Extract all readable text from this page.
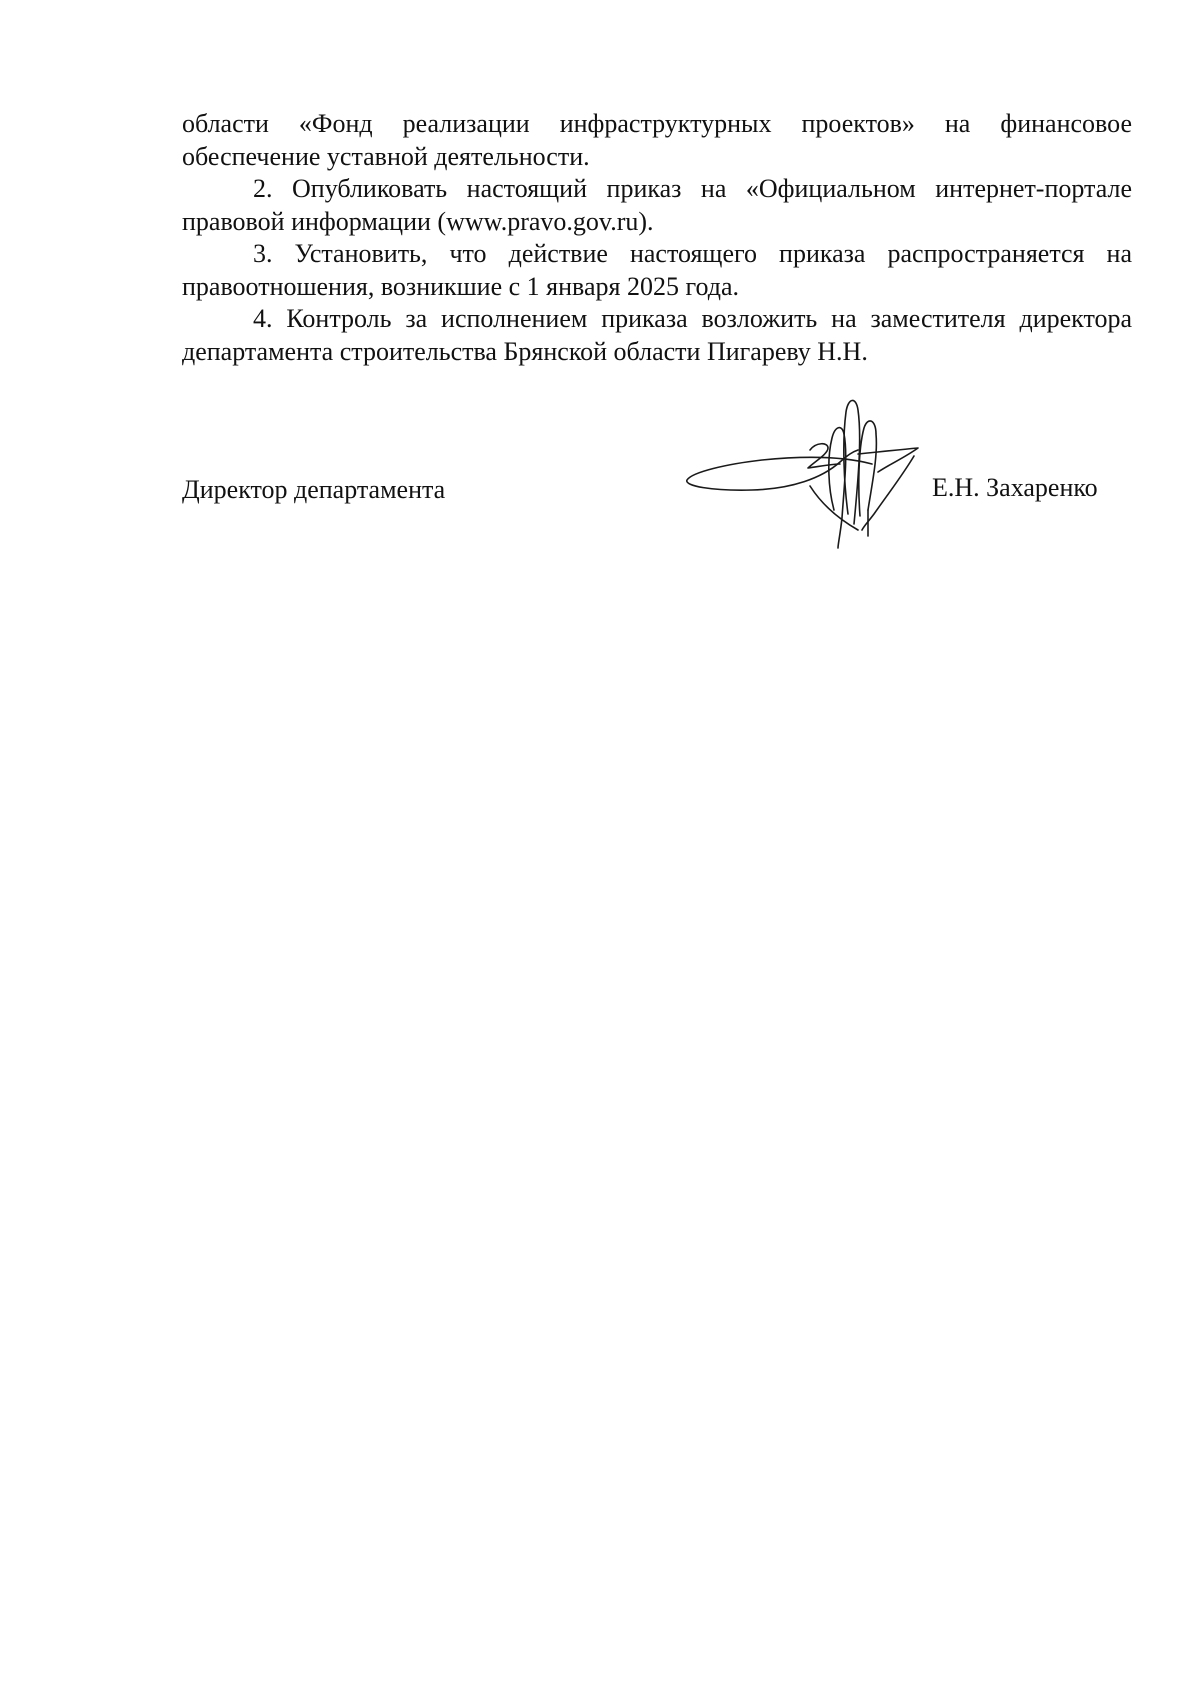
области «Фонд реализации инфраструктурных проектов» на финансовое обеспечение уставной деятельности.

2. Опубликовать настоящий приказ на «Официальном интернет-портале правовой информации (www.pravo.gov.ru).

3. Установить, что действие настоящего приказа распространяется на правоотношения, возникшие с 1 января 2025 года.

4. Контроль за исполнением приказа возложить на заместителя директора департамента строительства Брянской области Пигареву Н.Н.

Директор департамента	Е.Н. Захаренко
